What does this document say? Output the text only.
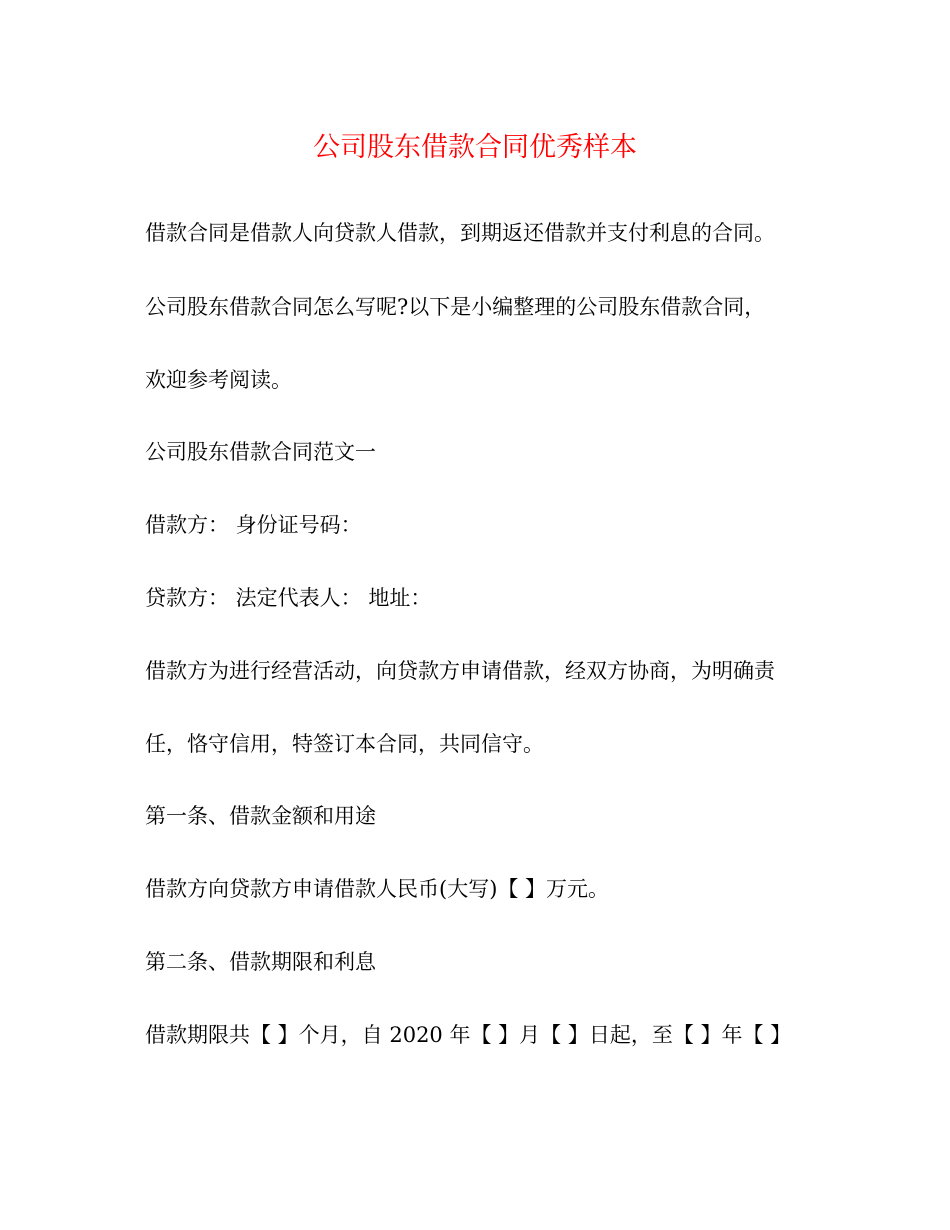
公司股东借款合同优秀样本

借款合同是借款人向贷款人借款，到期返还借款并支付利息的合同。

公司股东借款合同怎么写呢?以下是小编整理的公司股东借款合同，

欢迎参考阅读。

公司股东借款合同范文一

借款方： 身份证号码：

贷款方： 法定代表人： 地址：

借款方为进行经营活动，向贷款方申请借款，经双方协商，为明确责

任，恪守信用，特签订本合同，共同信守。

第一条、借款金额和用途

借款方向贷款方申请借款人民币(大写)【 】万元。

第二条、借款期限和利息

借款期限共【 】个月，自 2020 年【 】月【 】日起，至【 】年【 】
